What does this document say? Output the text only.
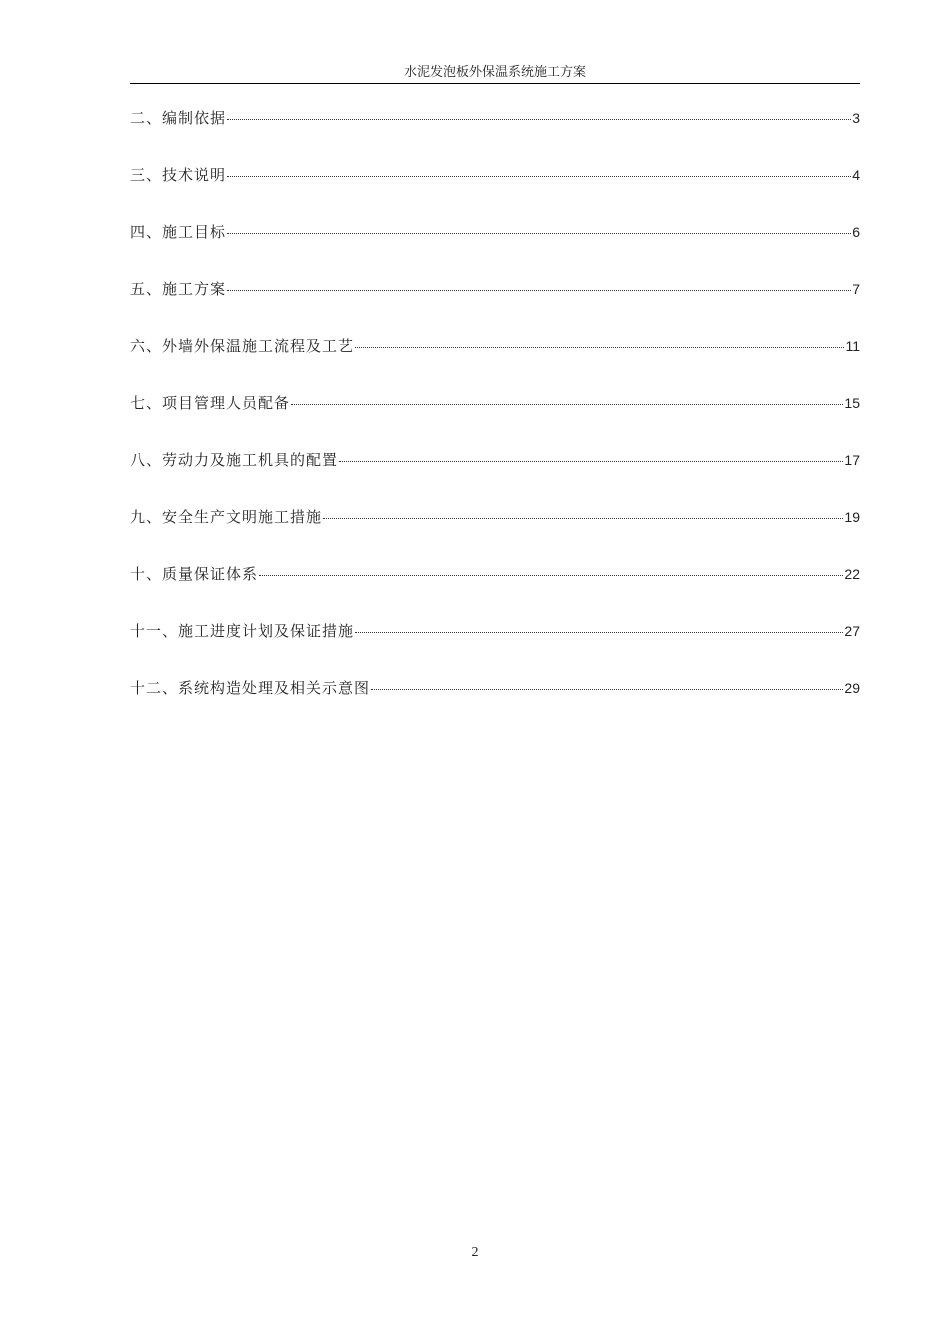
水泥发泡板外保温系统施工方案
二、编制依据	3
三、技术说明	4
四、施工目标	6
五、施工方案	7
六、外墙外保温施工流程及工艺	11
七、项目管理人员配备	15
八、劳动力及施工机具的配置	17
九、安全生产文明施工措施	19
十、质量保证体系	22
十一、施工进度计划及保证措施	27
十二、系统构造处理及相关示意图	29
2
